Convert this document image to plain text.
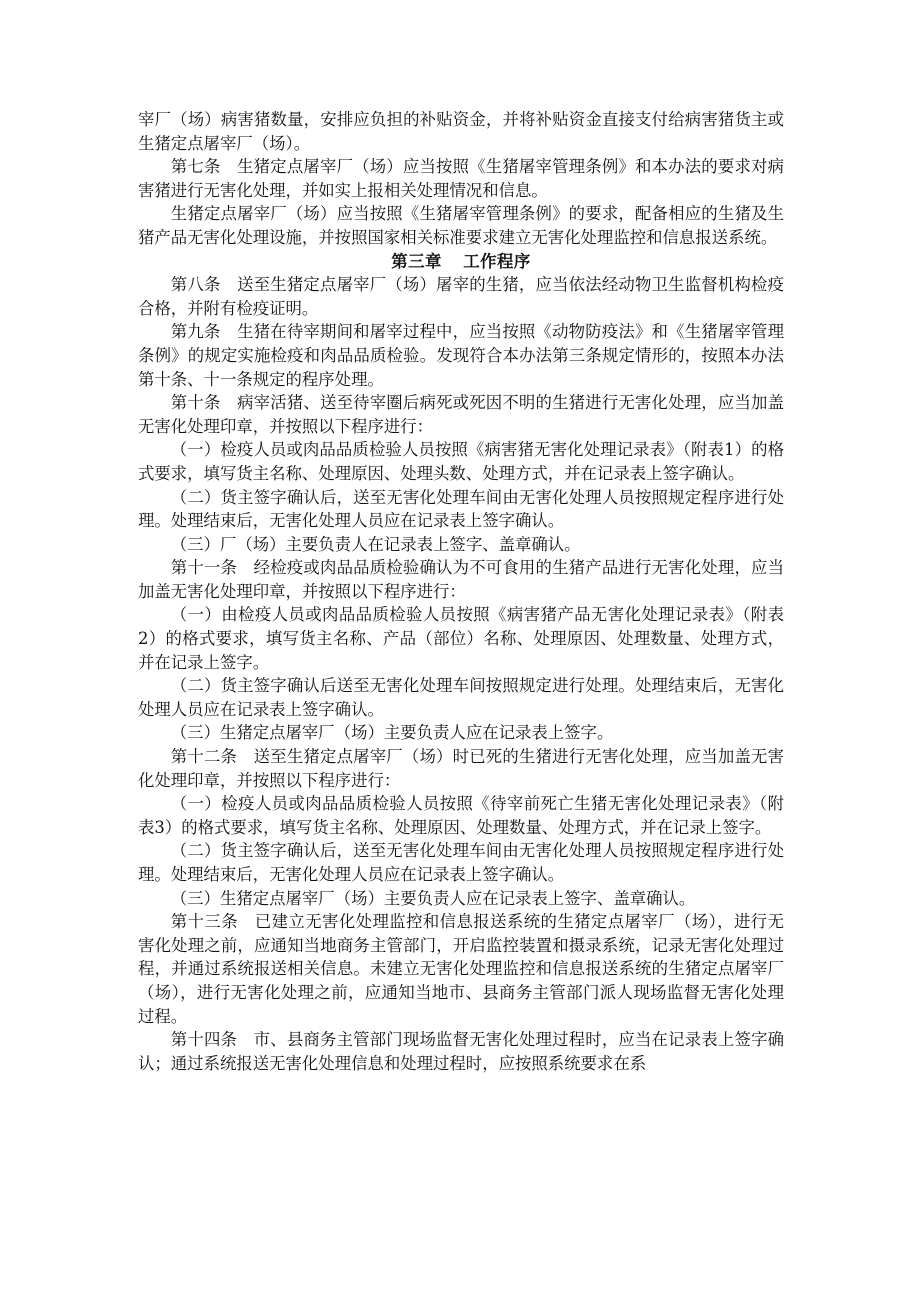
宰厂（场）病害猪数量，安排应负担的补贴资金，并将补贴资金直接支付给病害猪货主或生猪定点屠宰厂（场）。

第七条　生猪定点屠宰厂（场）应当按照《生猪屠宰管理条例》和本办法的要求对病害猪进行无害化处理，并如实上报相关处理情况和信息。

生猪定点屠宰厂（场）应当按照《生猪屠宰管理条例》的要求，配备相应的生猪及生猪产品无害化处理设施，并按照国家相关标准要求建立无害化处理监控和信息报送系统。

第三章 工作程序

第八条　送至生猪定点屠宰厂（场）屠宰的生猪，应当依法经动物卫生监督机构检疫合格，并附有检疫证明。

第九条　生猪在待宰期间和屠宰过程中，应当按照《动物防疫法》和《生猪屠宰管理条例》的规定实施检疫和肉品品质检验。发现符合本办法第三条规定情形的，按照本办法第十条、十一条规定的程序处理。

第十条　病宰活猪、送至待宰圈后病死或死因不明的生猪进行无害化处理，应当加盖无害化处理印章，并按照以下程序进行：

（一）检疫人员或肉品品质检验人员按照《病害猪无害化处理记录表》（附表1）的格式要求，填写货主名称、处理原因、处理头数、处理方式，并在记录表上签字确认。

（二）货主签字确认后，送至无害化处理车间由无害化处理人员按照规定程序进行处理。处理结束后，无害化处理人员应在记录表上签字确认。

（三）厂（场）主要负责人在记录表上签字、盖章确认。

第十一条　经检疫或肉品品质检验确认为不可食用的生猪产品进行无害化处理，应当加盖无害化处理印章，并按照以下程序进行：

（一）由检疫人员或肉品品质检验人员按照《病害猪产品无害化处理记录表》（附表2）的格式要求，填写货主名称、产品（部位）名称、处理原因、处理数量、处理方式，并在记录上签字。

（二）货主签字确认后送至无害化处理车间按照规定进行处理。处理结束后，无害化处理人员应在记录表上签字确认。

（三）生猪定点屠宰厂（场）主要负责人应在记录表上签字。

第十二条　送至生猪定点屠宰厂（场）时已死的生猪进行无害化处理，应当加盖无害化处理印章，并按照以下程序进行：

（一）检疫人员或肉品品质检验人员按照《待宰前死亡生猪无害化处理记录表》（附表3）的格式要求，填写货主名称、处理原因、处理数量、处理方式，并在记录上签字。

（二）货主签字确认后，送至无害化处理车间由无害化处理人员按照规定程序进行处理。处理结束后，无害化处理人员应在记录表上签字确认。

（三）生猪定点屠宰厂（场）主要负责人应在记录表上签字、盖章确认。

第十三条　已建立无害化处理监控和信息报送系统的生猪定点屠宰厂（场），进行无害化处理之前，应通知当地商务主管部门，开启监控装置和摄录系统，记录无害化处理过程，并通过系统报送相关信息。未建立无害化处理监控和信息报送系统的生猪定点屠宰厂（场），进行无害化处理之前，应通知当地市、县商务主管部门派人现场监督无害化处理过程。

第十四条　市、县商务主管部门现场监督无害化处理过程时，应当在记录表上签字确认；通过系统报送无害化处理信息和处理过程时，应按照系统要求在系
